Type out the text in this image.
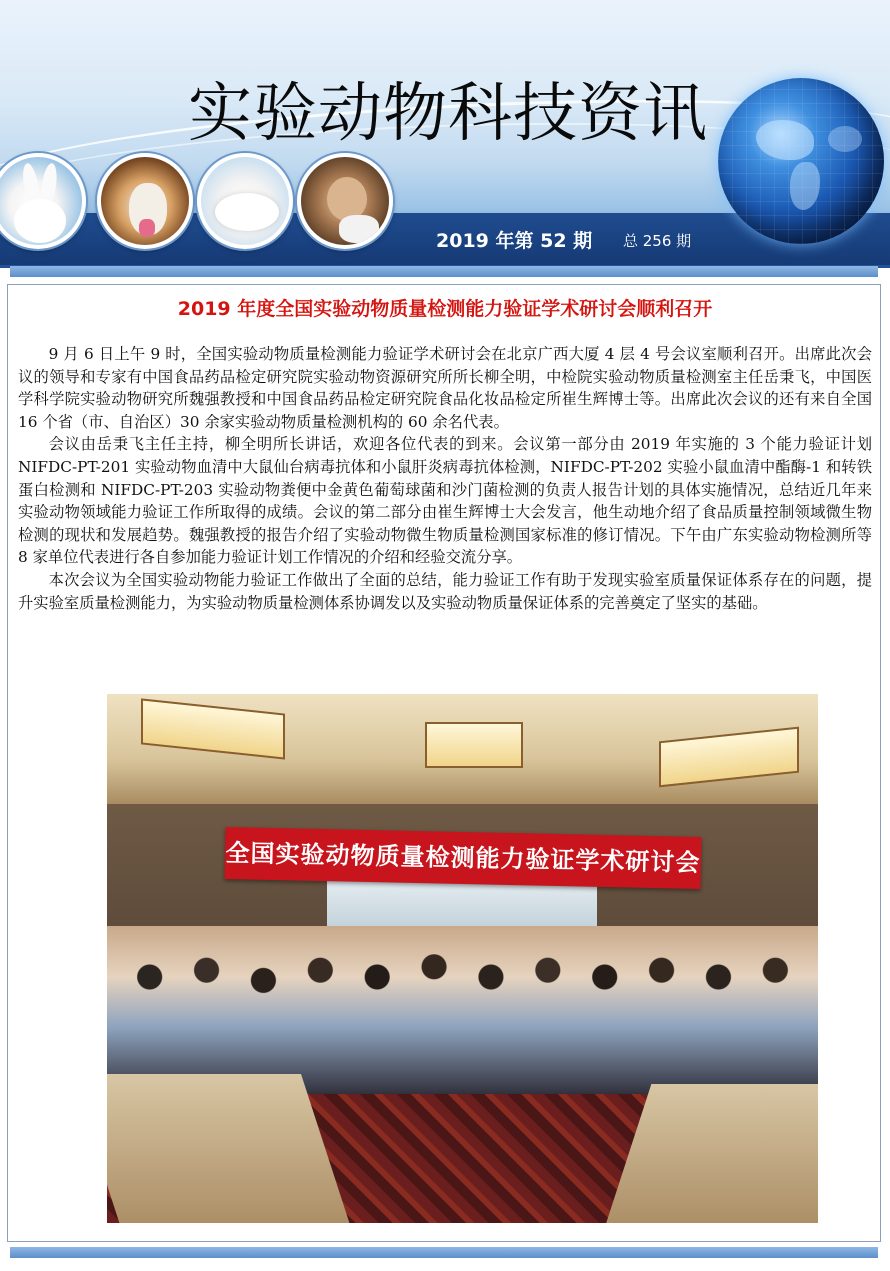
实验动物科技资讯
2019 年第 52 期 总 256 期
2019 年度全国实验动物质量检测能力验证学术研讨会顺利召开

9 月 6 日上午 9 时，全国实验动物质量检测能力验证学术研讨会在北京广西大厦 4 层 4 号会议室顺利召开。出席此次会议的领导和专家有中国食品药品检定研究院实验动物资源研究所所长柳全明，中检院实验动物质量检测室主任岳秉飞，中国医学科学院实验动物研究所魏强教授和中国食品药品检定研究院食品化妆品检定所崔生辉博士等。出席此次会议的还有来自全国 16 个省（市、自治区）30 余家实验动物质量检测机构的 60 余名代表。

会议由岳秉飞主任主持，柳全明所长讲话，欢迎各位代表的到来。会议第一部分由 2019 年实施的 3 个能力验证计划 NIFDC-PT-201 实验动物血清中大鼠仙台病毒抗体和小鼠肝炎病毒抗体检测，NIFDC-PT-202 实验小鼠血清中酯酶-1 和转铁蛋白检测和 NIFDC-PT-203 实验动物粪便中金黄色葡萄球菌和沙门菌检测的负责人报告计划的具体实施情况，总结近几年来实验动物领域能力验证工作所取得的成绩。会议的第二部分由崔生辉博士大会发言，他生动地介绍了食品质量控制领域微生物检测的现状和发展趋势。魏强教授的报告介绍了实验动物微生物质量检测国家标准的修订情况。下午由广东实验动物检测所等 8 家单位代表进行各自参加能力验证计划工作情况的介绍和经验交流分享。

本次会议为全国实验动物能力验证工作做出了全面的总结，能力验证工作有助于发现实验室质量保证体系存在的问题，提升实验室质量检测能力，为实验动物质量检测体系协调发以及实验动物质量保证体系的完善奠定了坚实的基础。

全国实验动物质量检测能力验证学术研讨会
